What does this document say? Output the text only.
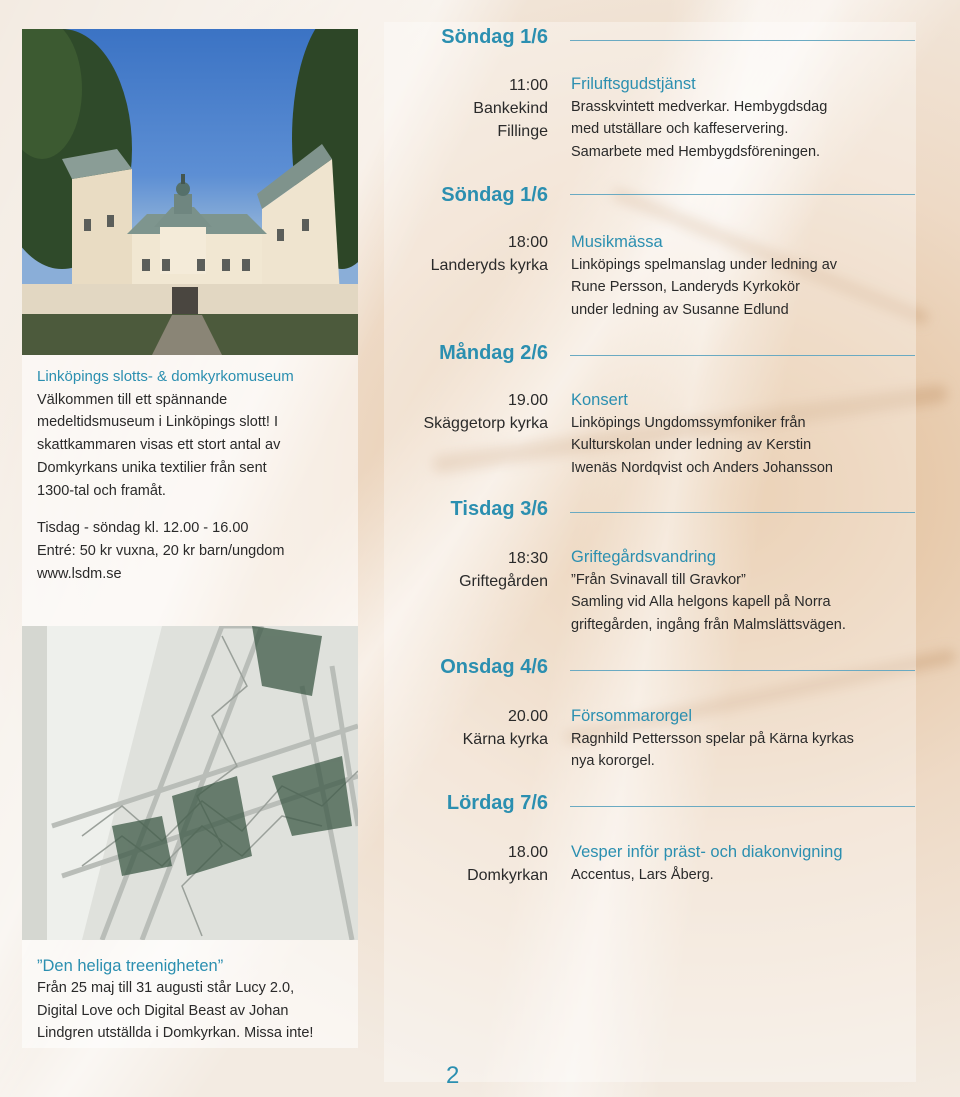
Linköpings slotts- & domkyrkomuseum
Välkommen till ett spännande
medeltidsmuseum i Linköpings slott! I
skattkammaren visas ett stort antal av
Domkyrkans unika textilier från sent
1300-tal och framåt.
Tisdag - söndag kl. 12.00 - 16.00
Entré: 50 kr vuxna, 20 kr barn/ungdom
www.lsdm.se
”Den heliga treenigheten”
Från 25 maj till 31 augusti står Lucy 2.0,
Digital Love och Digital Beast av Johan
Lindgren utställda i Domkyrkan. Missa inte!
2
Söndag 1/6
11:00
Bankekind
Fillinge
Friluftsgudstjänst
Brasskvintett medverkar. Hembygdsdag
med utställare och kaffeservering.
Samarbete med Hembygdsföreningen.
Söndag 1/6
18:00
Landeryds kyrka
Musikmässa
Linköpings spelmanslag under ledning av
Rune Persson, Landeryds Kyrkokör
under ledning av Susanne Edlund
Måndag 2/6
19.00
Skäggetorp kyrka
Konsert
Linköpings Ungdomssymfoniker från
Kulturskolan under ledning av Kerstin
Iwenäs Nordqvist och Anders Johansson
Tisdag 3/6
18:30
Griftegården
Griftegårdsvandring
”Från Svinavall till Gravkor”
Samling vid Alla helgons kapell på Norra
griftegården, ingång från Malmslättsvägen.
Onsdag 4/6
20.00
Kärna kyrka
Försommarorgel
Ragnhild Pettersson spelar på Kärna kyrkas
nya kororgel.
Lördag 7/6
18.00
Domkyrkan
Vesper inför präst- och diakonvigning
Accentus, Lars Åberg.
